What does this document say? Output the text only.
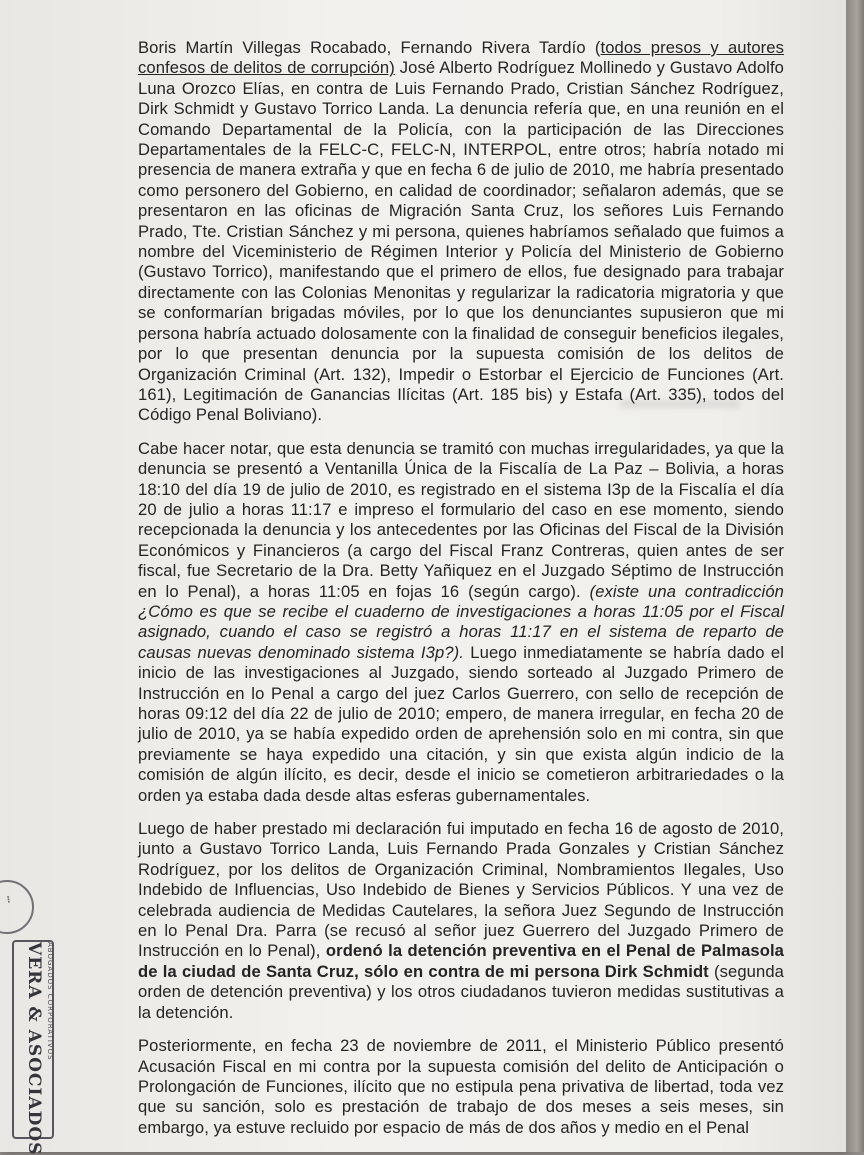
Boris Martín Villegas Rocabado, Fernando Rivera Tardío (todos presos y autores confesos de delitos de corrupción) José Alberto Rodríguez Mollinedo y Gustavo Adolfo Luna Orozco Elías, en contra de Luis Fernando Prado, Cristian Sánchez Rodríguez, Dirk Schmidt y Gustavo Torrico Landa. La denuncia refería que, en una reunión en el Comando Departamental de la Policía, con la participación de las Direcciones Departamentales de la FELC-C, FELC-N, INTERPOL, entre otros; habría notado mi presencia de manera extraña y que en fecha 6 de julio de 2010, me habría presentado como personero del Gobierno, en calidad de coordinador; señalaron además, que se presentaron en las oficinas de Migración Santa Cruz, los señores Luis Fernando Prado, Tte. Cristian Sánchez y mi persona, quienes habríamos señalado que fuimos a nombre del Viceministerio de Régimen Interior y Policía del Ministerio de Gobierno (Gustavo Torrico), manifestando que el primero de ellos, fue designado para trabajar directamente con las Colonias Menonitas y regularizar la radicatoria migratoria y que se conformarían brigadas móviles, por lo que los denunciantes supusieron que mi persona habría actuado dolosamente con la finalidad de conseguir beneficios ilegales, por lo que presentan denuncia por la supuesta comisión de los delitos de Organización Criminal (Art. 132), Impedir o Estorbar el Ejercicio de Funciones (Art. 161), Legitimación de Ganancias Ilícitas (Art. 185 bis) y Estafa (Art. 335), todos del Código Penal Boliviano).

Cabe hacer notar, que esta denuncia se tramitó con muchas irregularidades, ya que la denuncia se presentó a Ventanilla Única de la Fiscalía de La Paz – Bolivia, a horas 18:10 del día 19 de julio de 2010, es registrado en el sistema I3p de la Fiscalía el día 20 de julio a horas 11:17 e impreso el formulario del caso en ese momento, siendo recepcionada la denuncia y los antecedentes por las Oficinas del Fiscal de la División Económicos y Financieros (a cargo del Fiscal Franz Contreras, quien antes de ser fiscal, fue Secretario de la Dra. Betty Yañiquez en el Juzgado Séptimo de Instrucción en lo Penal), a horas 11:05 en fojas 16 (según cargo). (existe una contradicción ¿Cómo es que se recibe el cuaderno de investigaciones a horas 11:05 por el Fiscal asignado, cuando el caso se registró a horas 11:17 en el sistema de reparto de causas nuevas denominado sistema I3p?). Luego inmediatamente se habría dado el inicio de las investigaciones al Juzgado, siendo sorteado al Juzgado Primero de Instrucción en lo Penal a cargo del juez Carlos Guerrero, con sello de recepción de horas 09:12 del día 22 de julio de 2010; empero, de manera irregular, en fecha 20 de julio de 2010, ya se había expedido orden de aprehensión solo en mi contra, sin que previamente se haya expedido una citación, y sin que exista algún indicio de la comisión de algún ilícito, es decir, desde el inicio se cometieron arbitrariedades o la orden ya estaba dada desde altas esferas gubernamentales.

Luego de haber prestado mi declaración fui imputado en fecha 16 de agosto de 2010, junto a Gustavo Torrico Landa, Luis Fernando Prada Gonzales y Cristian Sánchez Rodríguez, por los delitos de Organización Criminal, Nombramientos Ilegales, Uso Indebido de Influencias, Uso Indebido de Bienes y Servicios Públicos. Y una vez de celebrada audiencia de Medidas Cautelares, la señora Juez Segundo de Instrucción en lo Penal Dra. Parra (se recusó al señor juez Guerrero del Juzgado Primero de Instrucción en lo Penal), ordenó la detención preventiva en el Penal de Palmasola de la ciudad de Santa Cruz, sólo en contra de mi persona Dirk Schmidt (segunda orden de detención preventiva) y los otros ciudadanos tuvieron medidas sustitutivas a la detención.

Posteriormente, en fecha 23 de noviembre de 2011, el Ministerio Público presentó Acusación Fiscal en mi contra por la supuesta comisión del delito de Anticipación o Prolongación de Funciones, ilícito que no estipula pena privativa de libertad, toda vez que su sanción, solo es prestación de trabajo de dos meses a seis meses, sin embargo, ya estuve recluido por espacio de más de dos años y medio en el Penal

•••
VERA & ASOCIADOS ABOGADOS CORPORATIVOS
